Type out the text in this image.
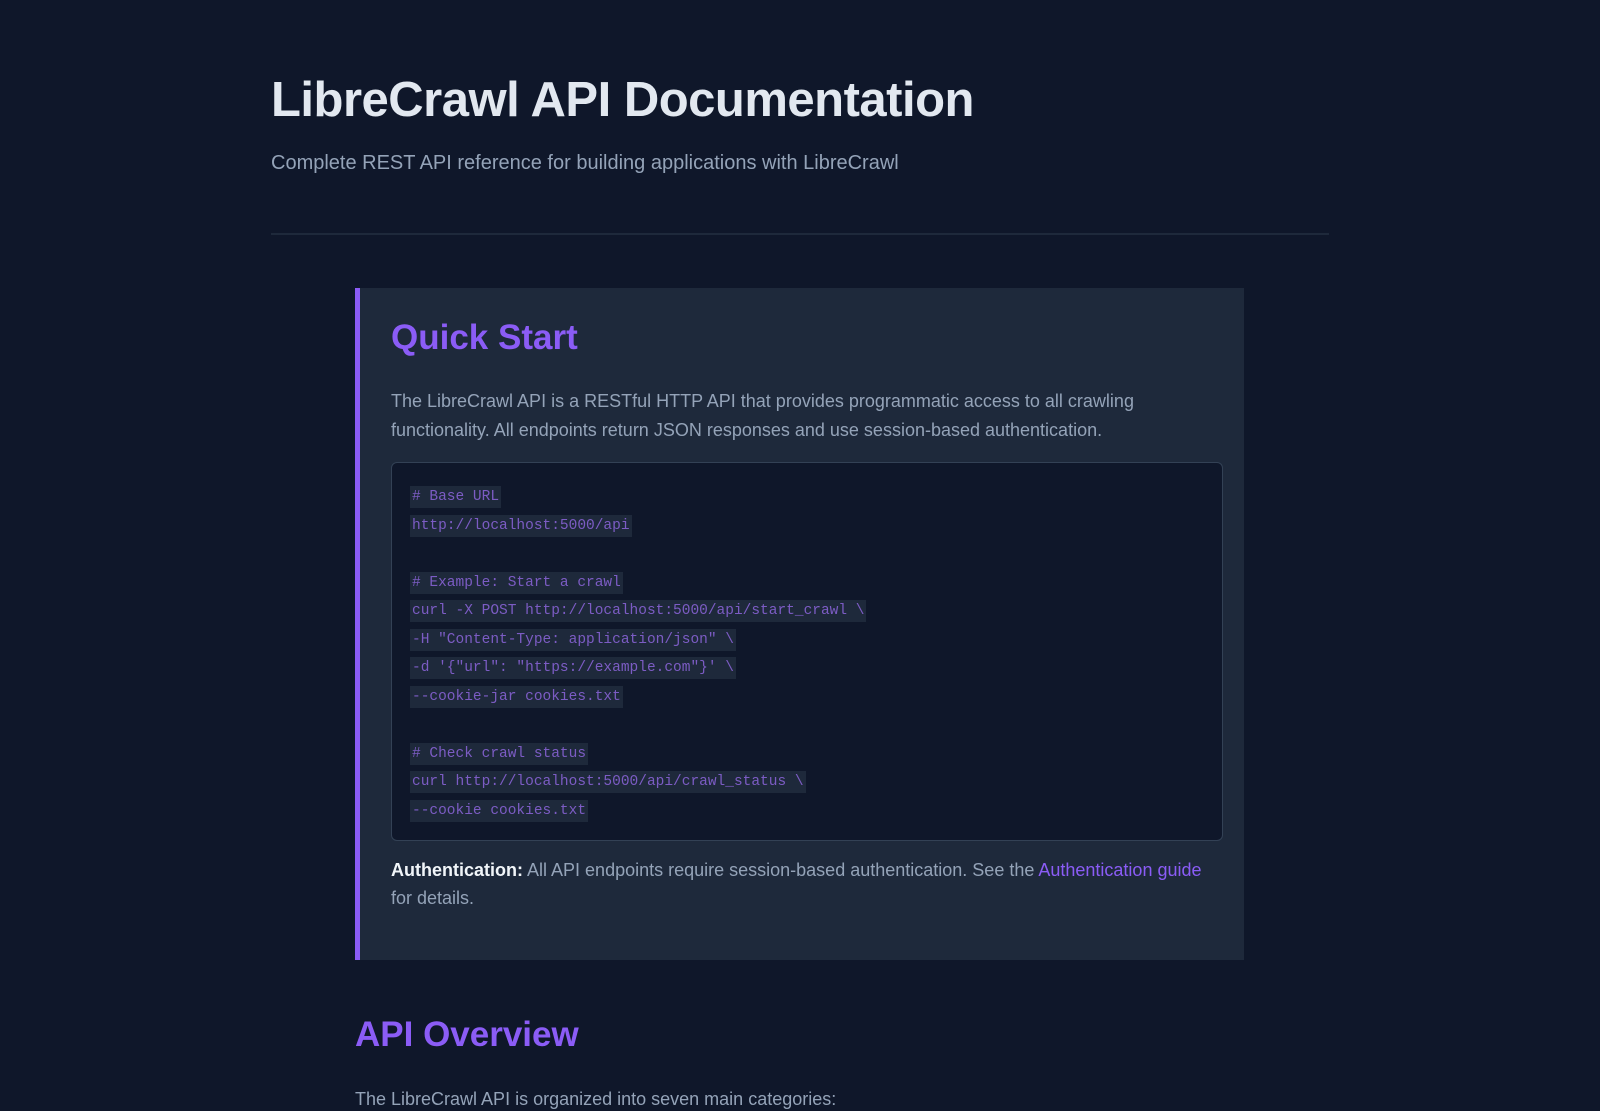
LibreCrawl API Documentation

Complete REST API reference for building applications with LibreCrawl

Quick Start

The LibreCrawl API is a RESTful HTTP API that provides programmatic access to all crawling functionality. All endpoints return JSON responses and use session-based authentication.

# Base URL
http://localhost:5000/api
# Example: Start a crawl
curl -X POST http://localhost:5000/api/start_crawl \
-H "Content-Type: application/json" \
-d '{"url": "https://example.com"}' \
--cookie-jar cookies.txt
# Check crawl status
curl http://localhost:5000/api/crawl_status \
--cookie cookies.txt

Authentication: All API endpoints require session-based authentication. See the Authentication guide for details.

API Overview

The LibreCrawl API is organized into seven main categories:
